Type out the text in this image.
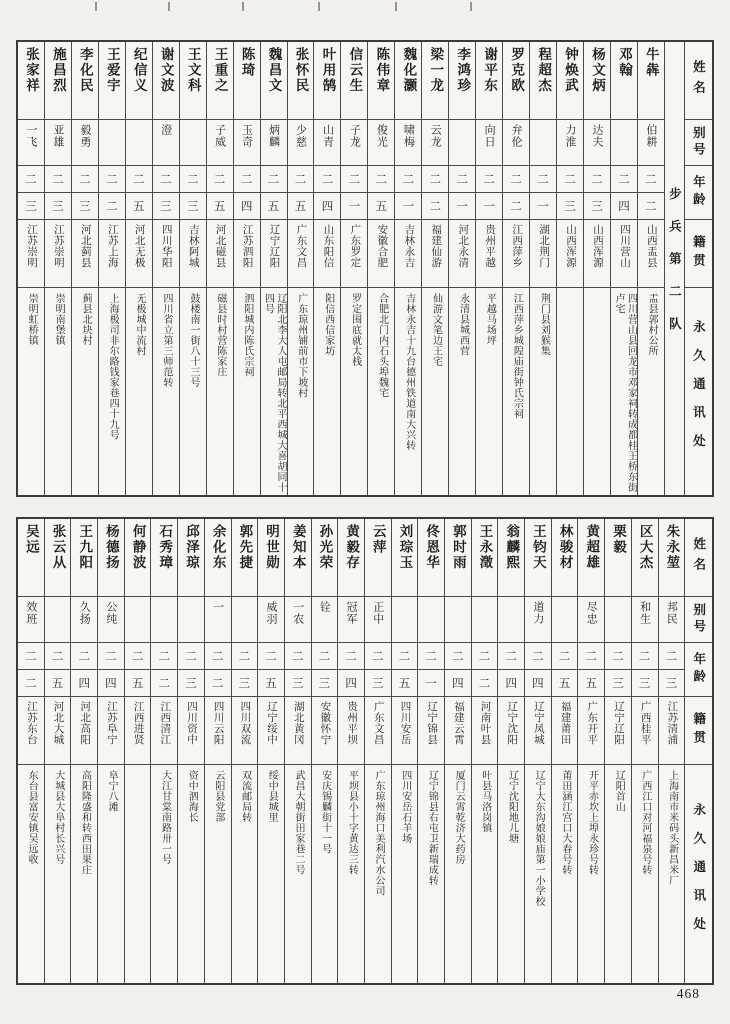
张家祥
一飞
二
三
江苏崇明
崇明虹桥镇
施昌烈
亚雄
二
三
江苏崇明
崇明南堡镇
李化民
毅勇
二
三
河北蓟县
蓟县北块村
王爱宇
二
二
江苏上海
上海极司非尔路钱家巷四十九号
纪信义
二
五
河北无极
无极城中流村
谢文波
澄
二
三
四川华阳
四川省立第三师范转
王文科
二
三
吉林阿城
鼓楼南一街八十三号
王重之
子威
二
五
河北磁县
磁县时村营陈家庄
陈琦
玉奇
二
四
江苏泗阳
泗阳城内陈氏宗祠
魏昌文
炳麟
二
五
辽宁辽阳
辽阳北李大人屯邮局转北平西城大喜胡同十四号
张怀民
少慈
二
五
广东文昌
广东琼州铺前市下坡村
叶用鹄
山青
二
四
山东阳信
阳信西信家坊
信云生
子龙
二
一
广东罗定
罗定围底就太栈
陈伟章
俊光
二
五
安徽合肥
合肥北门内石头埠魏宅
魏化灏
啸梅
二
一
吉林永吉
吉林永吉十九台德州铁道南大兴转
梁一龙
云龙
二
二
福建仙游
仙游文笔边王宅
李鸿珍
二
一
河北永清
永清县城西营
谢平东
向日
二
一
贵州平越
平越马场坪
罗克欧
弁伦
二
二
江西萍乡
江西萍乡城隍庙街钟氏宗祠
程超杰
二
一
湖北荆门
荆门县刘猴集
钟焕武
力淮
二
三
山西浑源
杨文炳
达夫
二
三
山西浑源
邓翰
二
四
四川营山
四川营山县回龙市邓家祠转成都桂王桥东街卢宅
牛犇
伯耕
二
二
山西盂县
盂县郭村公所 步兵第二队
姓名
别号
年龄
籍贯
永久通讯处
吴远
效班
二
二
江苏东台
东台县富安镇吴远收
张云从
二
五
河北大城
大城县大阜村长兴号
王九阳
久扬
二
四
河北高阳
高阳隆盛和转西田果庄
杨德扬
公纯
二
四
江苏阜宁
阜宁八滩
何静波
二
五
江西进贤
石秀璋
二
二
江西清江
大江甘棠南路卅一号
邱泽琼
二
三
四川资中
资中泗海长
余化东
一
二
二
四川云阳
云阳县党部
郭先捷
二
三
四川双流
双流邮局转
明世勋
威羽
二
五
辽宁绥中
绥中县城里
姜知本
一农
二
三
湖北黄冈
武昌大朝街田家巷二号
孙光荣
铨
二
三
安徽怀宁
安庆锡麟街十一号
黄毅存
冠军
二
四
贵州平坝
平坝县小十字黄达三转
云萍
正中
二
三
广东文昌
广东琼州海口美利汽水公司
刘琮玉
二
五
四川安岳
四川安岳石羊场
佟恩华
二
一
辽宁锦县
辽宁锦县右屯卫新瑞成转
郭时雨
二
四
福建云霄
厦门云霄乾济大药房
王永澂
二
二
河南叶县
叶县马洛岗镇
翁麟熙
二
四
辽宁沈阳
辽宁沈阳地儿塘
王钧天
道力
二
四
辽宁凤城
辽宁大东沟娘娘庙第一小学校
林骏材
二
五
福建莆田
莆田涵江宫口大春号转
黄超雄
尽忠
二
五
广东开平
开平赤坎上埠永珍号转
栗毅
二
三
辽宁辽阳
辽阳首山
区大杰
和生
二
三
广西桂平
广西江口对河福泉号转
朱永堃
邦民
二
三
江苏清浦
上海南市米码头新昌米厂
姓名
别号
年龄
籍贯
永久通讯处
468
